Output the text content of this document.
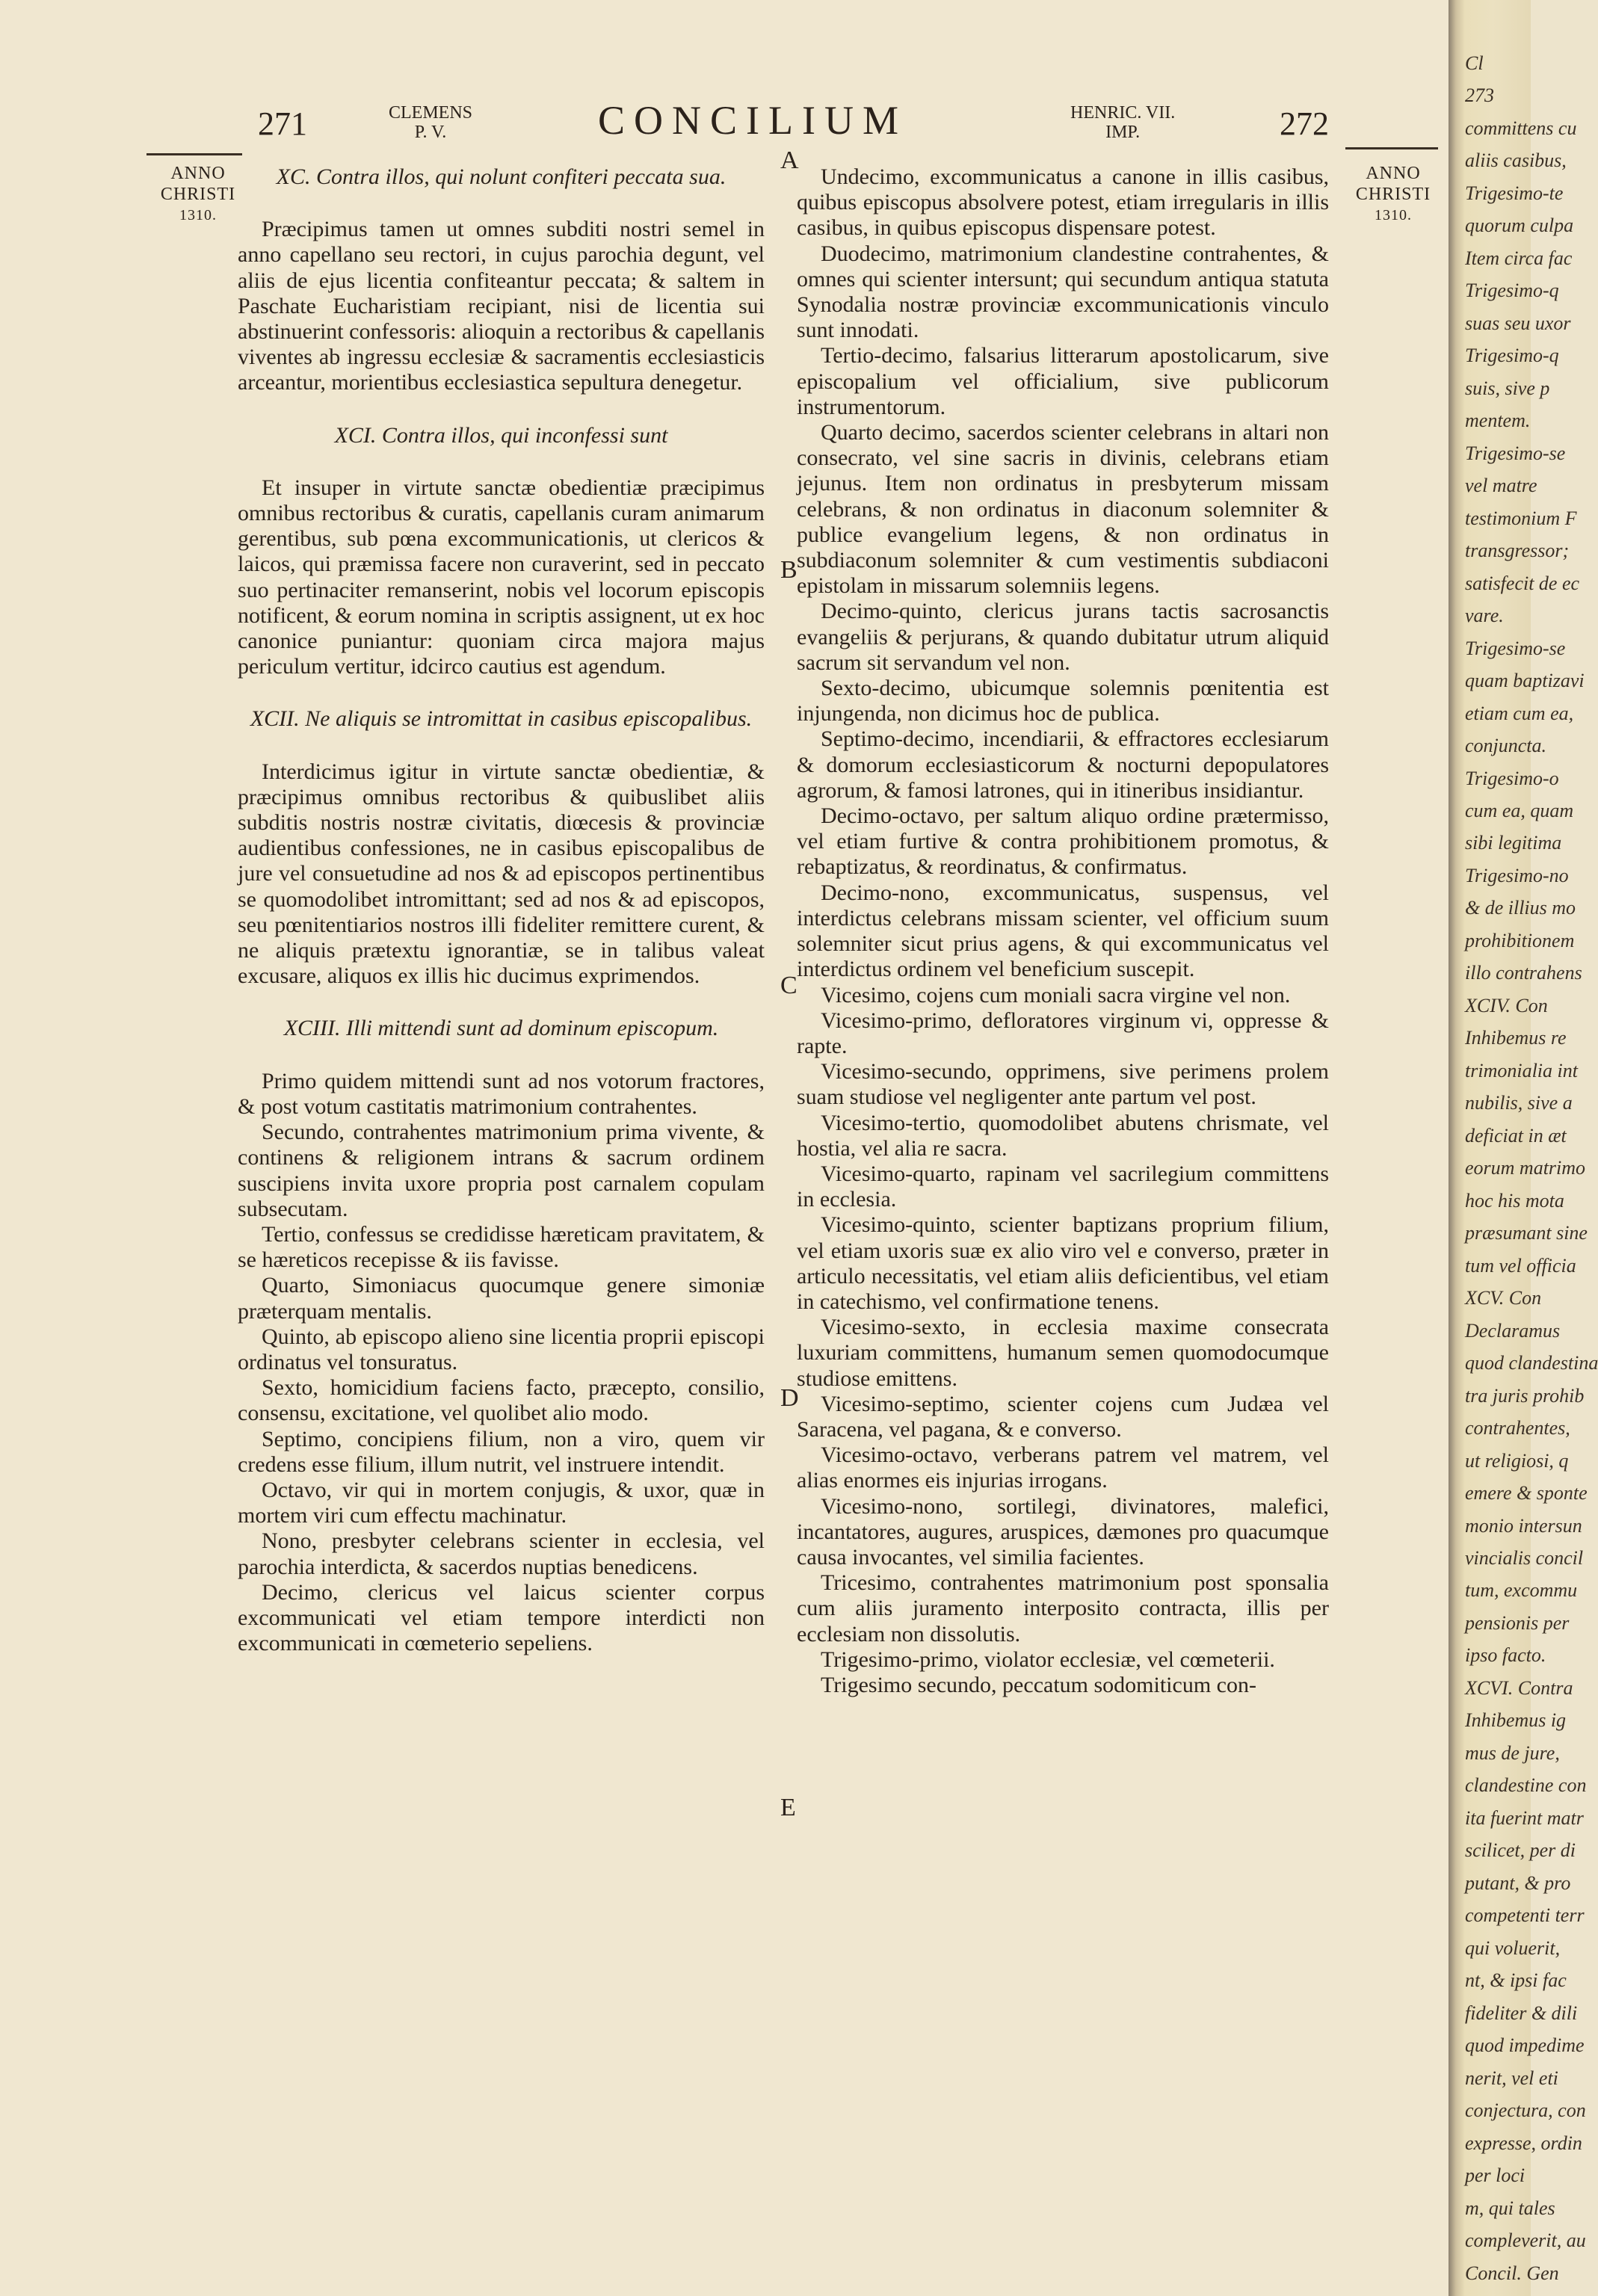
271	CLEMENS
P. V.	CONCILIUM	HENRIC. VII.
IMP.	272
ANNO
CHRISTI
1310.
ANNO
CHRISTI
1310.
A
B
C
D
E
XC. Contra illos, qui nolunt confiteri peccata sua.

Præcipimus tamen ut omnes subditi nostri semel in anno capellano seu rectori, in cujus parochia degunt, vel aliis de ejus licentia confiteantur peccata; & saltem in Paschate Eucharistiam recipiant, nisi de licentia sui abstinuerint confessoris: alioquin a rectoribus & capellanis viventes ab ingressu ecclesiæ & sacramentis ecclesiasticis arceantur, morientibus ecclesiastica sepultura denegetur.

XCI. Contra illos, qui inconfessi sunt

Et insuper in virtute sanctæ obedientiæ præcipimus omnibus rectoribus & curatis, capellanis curam animarum gerentibus, sub pœna excommunicationis, ut clericos & laicos, qui præmissa facere non curaverint, sed in peccato suo pertinaciter remanserint, nobis vel locorum episcopis notificent, & eorum nomina in scriptis assignent, ut ex hoc canonice puniantur: quoniam circa majora majus periculum vertitur, idcirco cautius est agendum.

XCII. Ne aliquis se intromittat in casibus episcopalibus.

Interdicimus igitur in virtute sanctæ obedientiæ, & præcipimus omnibus rectoribus & quibuslibet aliis subditis nostris nostræ civitatis, diœcesis & provinciæ audientibus confessiones, ne in casibus episcopalibus de jure vel consuetudine ad nos & ad episcopos pertinentibus se quomodolibet intromittant; sed ad nos & ad episcopos, seu pœnitentiarios nostros illi fideliter remittere curent, & ne aliquis prætextu ignorantiæ, se in talibus valeat excusare, aliquos ex illis hic ducimus exprimendos.

XCIII. Illi mittendi sunt ad dominum episcopum.

Primo quidem mittendi sunt ad nos votorum fractores, & post votum castitatis matrimonium contrahentes.

Secundo, contrahentes matrimonium prima vivente, & continens & religionem intrans & sacrum ordinem suscipiens invita uxore propria post carnalem copulam subsecutam.

Tertio, confessus se credidisse hæreticam pravitatem, & se hæreticos recepisse & iis favisse.

Quarto, Simoniacus quocumque genere simoniæ præterquam mentalis.

Quinto, ab episcopo alieno sine licentia proprii episcopi ordinatus vel tonsuratus.

Sexto, homicidium faciens facto, præcepto, consilio, consensu, excitatione, vel quolibet alio modo.

Septimo, concipiens filium, non a viro, quem vir credens esse filium, illum nutrit, vel instruere intendit.

Octavo, vir qui in mortem conjugis, & uxor, quæ in mortem viri cum effectu machinatur.

Nono, presbyter celebrans scienter in ecclesia, vel parochia interdicta, & sacerdos nuptias benedicens.

Decimo, clericus vel laicus scienter corpus excommunicati vel etiam tempore interdicti non excommunicati in cœmeterio sepeliens.

Undecimo, excommunicatus a canone in illis casibus, quibus episcopus absolvere potest, etiam irregularis in illis casibus, in quibus episcopus dispensare potest.

Duodecimo, matrimonium clandestine contrahentes, & omnes qui scienter intersunt; qui secundum antiqua statuta Synodalia nostræ provinciæ excommunicationis vinculo sunt innodati.

Tertio-decimo, falsarius litterarum apostolicarum, sive episcopalium vel officialium, sive publicorum instrumentorum.

Quarto decimo, sacerdos scienter celebrans in altari non consecrato, vel sine sacris in divinis, celebrans etiam jejunus. Item non ordinatus in presbyterum missam celebrans, & non ordinatus in diaconum solemniter & publice evangelium legens, & non ordinatus in subdiaconum solemniter & cum vestimentis subdiaconi epistolam in missarum solemniis legens.

Decimo-quinto, clericus jurans tactis sacrosanctis evangeliis & perjurans, & quando dubitatur utrum aliquid sacrum sit servandum vel non.

Sexto-decimo, ubicumque solemnis pœnitentia est injungenda, non dicimus hoc de publica.

Septimo-decimo, incendiarii, & effractores ecclesiarum & domorum ecclesiasticorum & nocturni depopulatores agrorum, & famosi latrones, qui in itineribus insidiantur.

Decimo-octavo, per saltum aliquo ordine prætermisso, vel etiam furtive & contra prohibitionem promotus, & rebaptizatus, & reordinatus, & confirmatus.

Decimo-nono, excommunicatus, suspensus, vel interdictus celebrans missam scienter, vel officium suum solemniter sicut prius agens, & qui excommunicatus vel interdictus ordinem vel beneficium suscepit.

Vicesimo, cojens cum moniali sacra virgine vel non.

Vicesimo-primo, defloratores virginum vi, oppresse & rapte.

Vicesimo-secundo, opprimens, sive perimens prolem suam studiose vel negligenter ante partum vel post.

Vicesimo-tertio, quomodolibet abutens chrismate, vel hostia, vel alia re sacra.

Vicesimo-quarto, rapinam vel sacrilegium committens in ecclesia.

Vicesimo-quinto, scienter baptizans proprium filium, vel etiam uxoris suæ ex alio viro vel e converso, præter in articulo necessitatis, vel etiam aliis deficientibus, vel etiam in catechismo, vel confirmatione tenens.

Vicesimo-sexto, in ecclesia maxime consecrata luxuriam committens, humanum semen quomodocumque studiose emittens.

Vicesimo-septimo, scienter cojens cum Judæa vel Saracena, vel pagana, & e converso.

Vicesimo-octavo, verberans patrem vel matrem, vel alias enormes eis injurias irrogans.

Vicesimo-nono, sortilegi, divinatores, malefici, incantatores, augures, aruspices, dæmones pro quacumque causa invocantes, vel similia facientes.

Tricesimo, contrahentes matrimonium post sponsalia cum aliis juramento interposito contracta, illis per ecclesiam non dissolutis.

Trigesimo-primo, violator ecclesiæ, vel cœmeterii.

Trigesimo secundo, peccatum sodomiticum con-

Cl
273
committens cu
aliis casibus,
Trigesimo-te
quorum culpa
Item circa fac
Trigesimo-q
suas seu uxor
Trigesimo-q
suis, sive p
mentem.
Trigesimo-se
vel matre
testimonium F
transgressor;
satisfecit de ec
vare.
Trigesimo-se
quam baptizavi
etiam cum ea,
conjuncta.
Trigesimo-o
cum ea, quam
sibi legitima
Trigesimo-no
& de illius mo
prohibitionem
illo contrahens
XCIV. Con
Inhibemus re
trimonialia int
nubilis, sive a
deficiat in æt
eorum matrimo
hoc his mota
præsumant sine
tum vel officia
XCV. Con
Declaramus
quod clandestina
tra juris prohib
contrahentes,
ut religiosi, q
emere & sponte
monio intersun
vincialis concil
tum, excommu
pensionis per
ipso facto.
XCVI. Contra
Inhibemus ig
mus de jure,
clandestine con
ita fuerint matr
scilicet, per di
putant, & pro
competenti terr
qui voluerit,
nt, & ipsi fac
fideliter & dili
quod impedime
nerit, vel eti
conjectura, con
expresse, ordin
per loci
m, qui tales
compleverit, au
Concil. Gen
